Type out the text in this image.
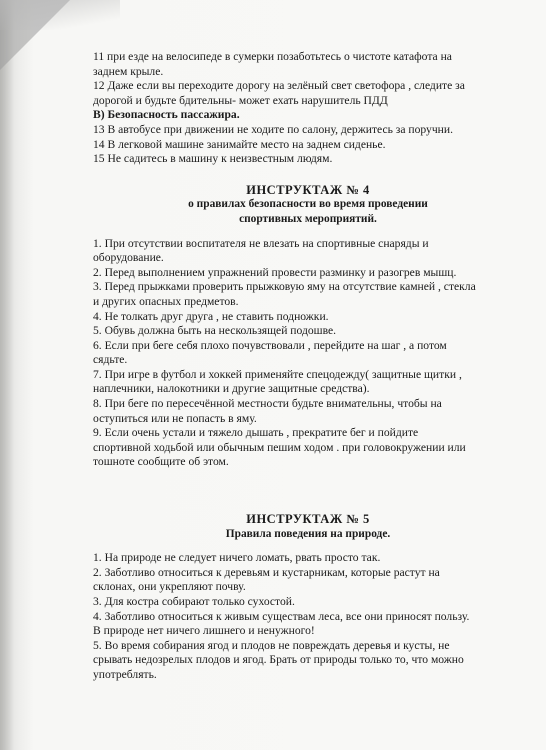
11 при езде на велосипеде в сумерки позаботьтесь о чистоте катафота на

заднем крыле.

12 Даже если вы переходите дорогу на зелёный свет светофора , следите за

дорогой и будьте бдительны- может ехать нарушитель ПДД

В) Безопасность пассажира.

13 В автобусе при движении не ходите по салону, держитесь за поручни.

14 В легковой машине занимайте место на заднем сиденье.

15 Не садитесь в машину к неизвестным людям.

ИНСТРУКТАЖ № 4

о правилах безопасности во время проведении

спортивных мероприятий.

1. При отсутствии воспитателя не влезать на спортивные снаряды и

оборудование.

2. Перед выполнением упражнений провести разминку и разогрев мышц.

3. Перед прыжками проверить прыжковую яму на отсутствие камней , стекла

и других опасных предметов.

4. Не толкать друг друга , не ставить подножки.

5. Обувь должна быть на нескользящей подошве.

6. Если при беге себя плохо почувствовали , перейдите на шаг , а потом

сядьте.

7. При игре в футбол и хоккей применяйте спецодежду( защитные щитки ,

наплечники, налокотники и другие защитные средства).

8. При беге по пересечённой местности будьте внимательны, чтобы на

оступиться или не попасть в яму.

9. Если очень устали и тяжело дышать , прекратите бег и пойдите

спортивной ходьбой или обычным пешим ходом . при головокружении или

тошноте сообщите об этом.

ИНСТРУКТАЖ № 5

Правила поведения на природе.

1. На природе не следует ничего ломать, рвать просто так.

2. Заботливо относиться к деревьям и кустарникам, которые растут на

склонах, они укрепляют почву.

3. Для костра собирают только сухостой.

4. Заботливо относиться к живым существам леса, все они приносят пользу.

В природе нет ничего лишнего и ненужного!

5. Во время собирания ягод и плодов не повреждать деревья и кусты, не

срывать недозрелых плодов и ягод. Брать от природы только то, что можно

употреблять.
